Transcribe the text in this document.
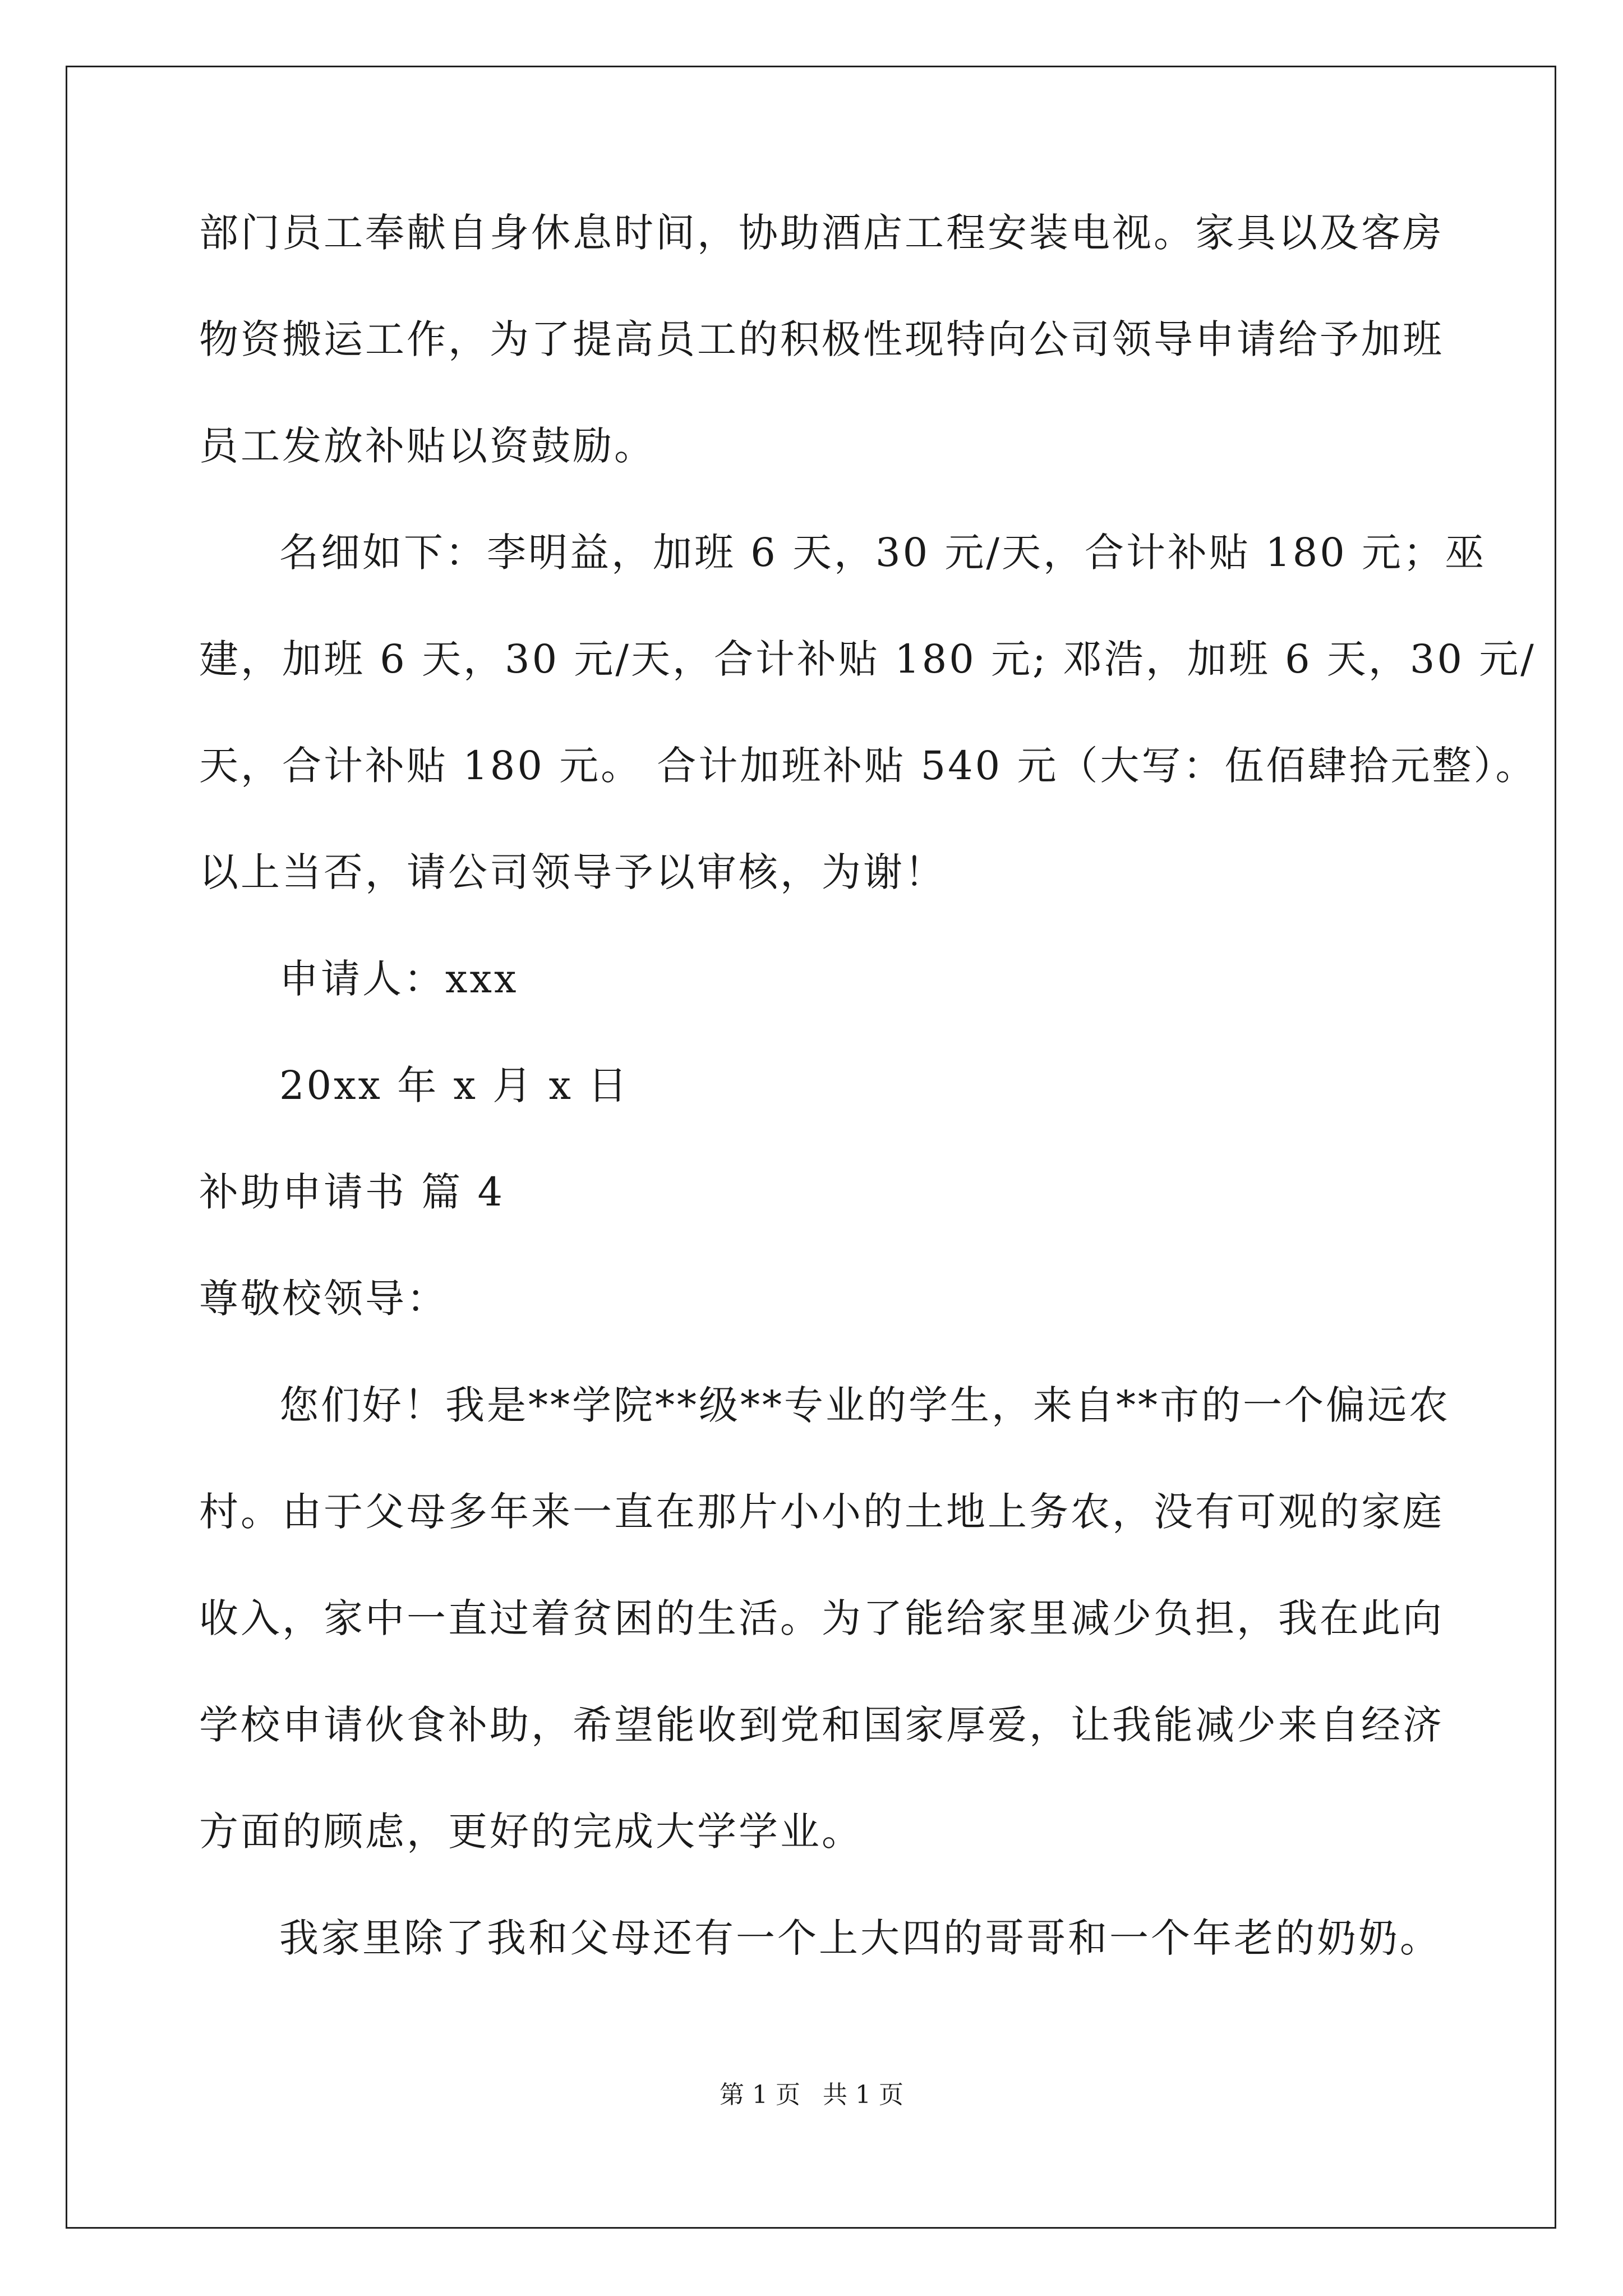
部门员工奉献自身休息时间，协助酒店工程安装电视。家具以及客房
物资搬运工作，为了提高员工的积极性现特向公司领导申请给予加班
员工发放补贴以资鼓励。
名细如下：李明益，加班 6 天，30 元/天，合计补贴 180 元；巫
建，加班 6 天，30 元/天，合计补贴 180 元; 邓浩，加班 6 天，30 元/
天，合计补贴 180 元。 合计加班补贴 540 元（大写：伍佰肆拾元整）。
以上当否，请公司领导予以审核，为谢！
申请人：xxx
20xx 年 x 月 x 日
补助申请书 篇 4
尊敬校领导：
您们好！我是**学院**级**专业的学生，来自**市的一个偏远农
村。由于父母多年来一直在那片小小的土地上务农，没有可观的家庭
收入，家中一直过着贫困的生活。为了能给家里减少负担，我在此向
学校申请伙食补助，希望能收到党和国家厚爱，让我能减少来自经济
方面的顾虑，更好的完成大学学业。
我家里除了我和父母还有一个上大四的哥哥和一个年老的奶奶。
第 1 页 共 1 页
